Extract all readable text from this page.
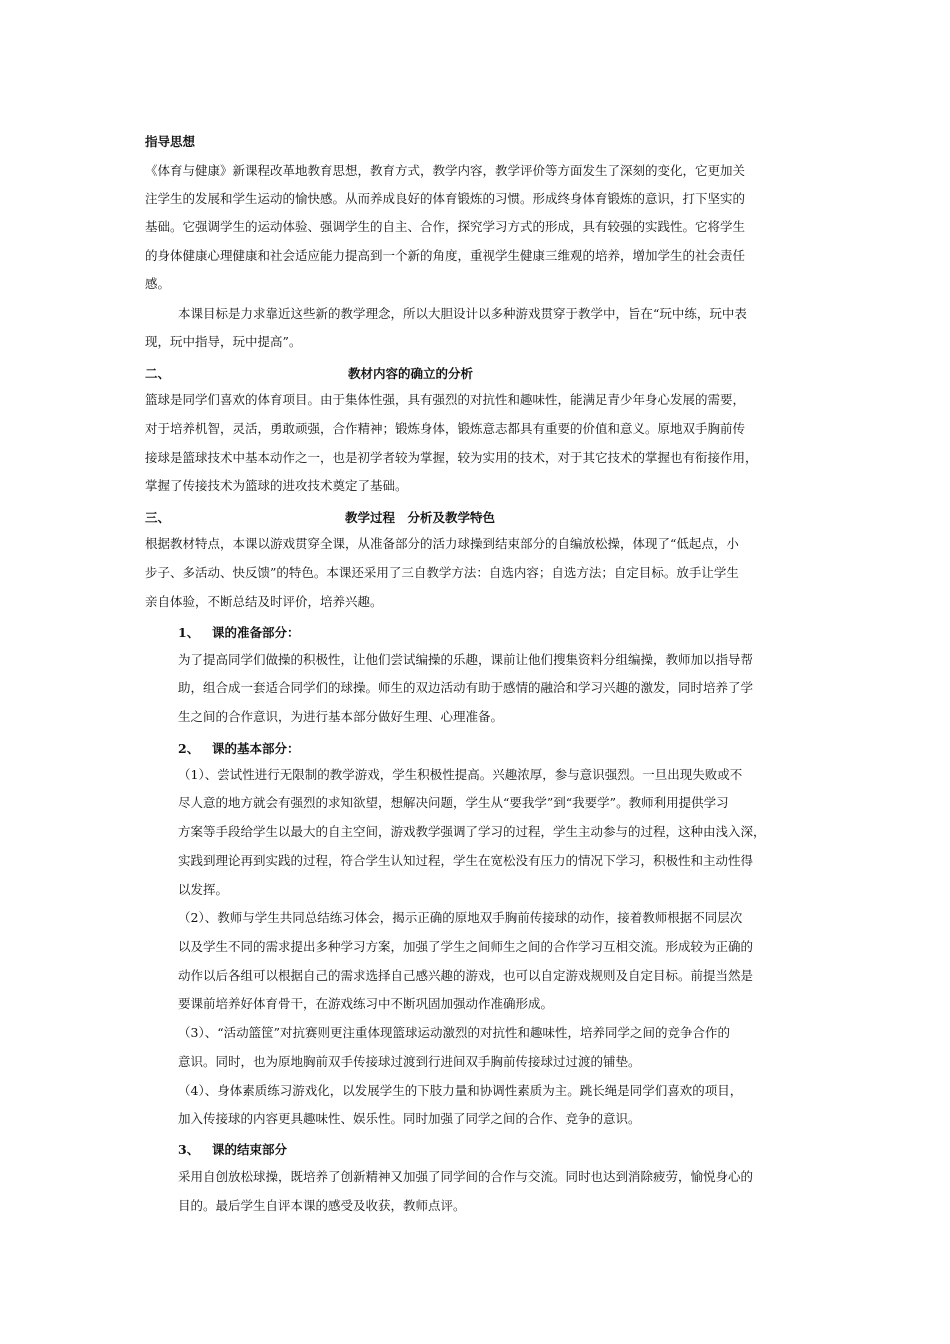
指导思想
《体育与健康》新课程改革地教育思想，教育方式，教学内容，教学评价等方面发生了深刻的变化，它更加关
注学生的发展和学生运动的愉快感。从而养成良好的体育锻炼的习惯。形成终身体育锻炼的意识，打下坚实的
基础。它强调学生的运动体验、强调学生的自主、合作，探究学习方式的形成，具有较强的实践性。它将学生
的身体健康心理健康和社会适应能力提高到一个新的角度，重视学生健康三维观的培养，增加学生的社会责任
感。
本课目标是力求靠近这些新的教学理念，所以大胆设计以多种游戏贯穿于教学中，旨在“玩中练，玩中表
现，玩中指导，玩中提高”。
二、	教材内容的确立的分析
篮球是同学们喜欢的体育项目。由于集体性强，具有强烈的对抗性和趣味性，能满足青少年身心发展的需要，
对于培养机智，灵活，勇敢顽强，合作精神；锻炼身体，锻炼意志都具有重要的价值和意义。原地双手胸前传
接球是篮球技术中基本动作之一，也是初学者较为掌握，较为实用的技术，对于其它技术的掌握也有衔接作用，
掌握了传接技术为篮球的进攻技术奠定了基础。
三、	教学过程　分析及教学特色
根据教材特点，本课以游戏贯穿全课，从准备部分的活力球操到结束部分的自编放松操，体现了“低起点，小
步子、多活动、快反馈”的特色。本课还采用了三自教学方法：自选内容；自选方法；自定目标。放手让学生
亲自体验，不断总结及时评价，培养兴趣。
1、 课的准备部分：
为了提高同学们做操的积极性，让他们尝试编操的乐趣，课前让他们搜集资料分组编操，教师加以指导帮
助，组合成一套适合同学们的球操。师生的双边活动有助于感情的融洽和学习兴趣的激发，同时培养了学
生之间的合作意识，为进行基本部分做好生理、心理准备。
2、 课的基本部分：
（1）、尝试性进行无限制的教学游戏，学生积极性提高。兴趣浓厚，参与意识强烈。一旦出现失败或不
尽人意的地方就会有强烈的求知欲望，想解决问题，学生从“要我学”到“我要学”。教师利用提供学习
方案等手段给学生以最大的自主空间，游戏教学强调了学习的过程，学生主动参与的过程，这种由浅入深，
实践到理论再到实践的过程，符合学生认知过程，学生在宽松没有压力的情况下学习，积极性和主动性得
以发挥。
（2）、教师与学生共同总结练习体会，揭示正确的原地双手胸前传接球的动作，接着教师根据不同层次
以及学生不同的需求提出多种学习方案，加强了学生之间师生之间的合作学习互相交流。形成较为正确的
动作以后各组可以根据自己的需求选择自己感兴趣的游戏，也可以自定游戏规则及自定目标。前提当然是
要课前培养好体育骨干，在游戏练习中不断巩固加强动作准确形成。
（3）、“活动篮筐”对抗赛则更注重体现篮球运动激烈的对抗性和趣味性，培养同学之间的竞争合作的
意识。同时，也为原地胸前双手传接球过渡到行进间双手胸前传接球过过渡的铺垫。
（4）、身体素质练习游戏化，以发展学生的下肢力量和协调性素质为主。跳长绳是同学们喜欢的项目，
加入传接球的内容更具趣味性、娱乐性。同时加强了同学之间的合作、竞争的意识。
3、 课的结束部分
采用自创放松球操，既培养了创新精神又加强了同学间的合作与交流。同时也达到消除疲劳，愉悦身心的
目的。最后学生自评本课的感受及收获，教师点评。
